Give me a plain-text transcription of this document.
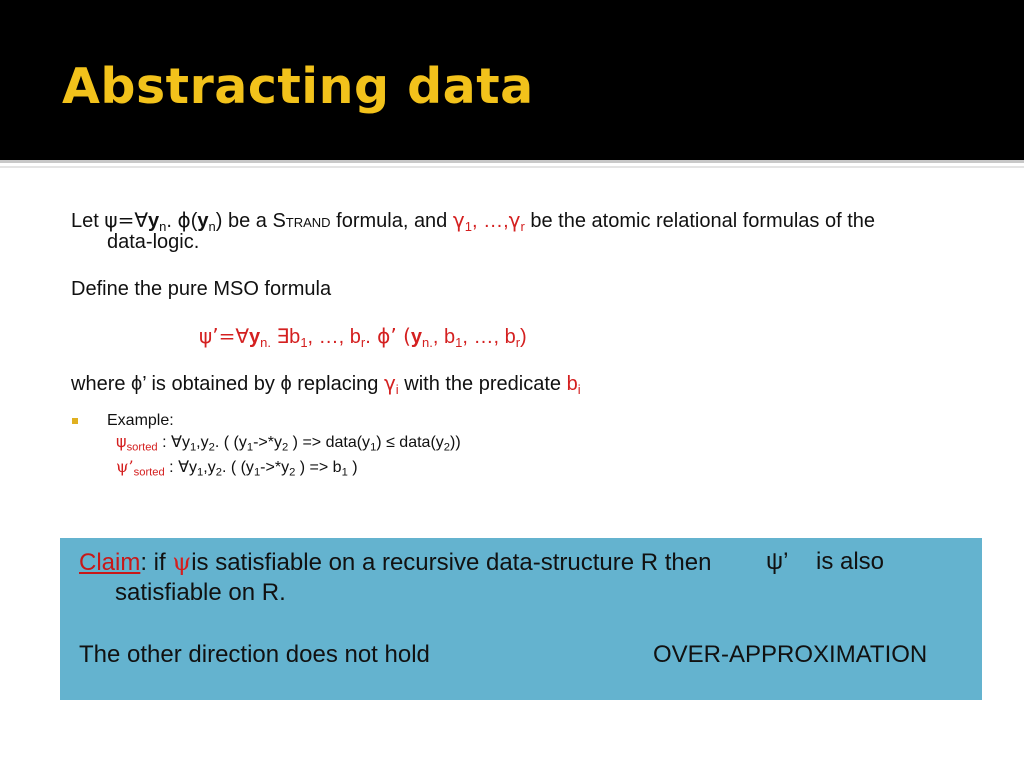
Abstracting data
Let $\psi=\forall y_n$. $\phi(y_n)$ be a STRAND formula, and $\gamma_1$, $\dots,\gamma_r$ be the atomic relational formulas of the
data-logic.
Define the pure MSO formula
$\psi’=\forall y_{n.}$ $\exists b_1$, …, $b_r$. ϕ’ ($y_{n.}$, $b_1$, …, $b_r$)
where ϕ’ is obtained by ϕ replacing $\gamma_i$ with the predicate $b_i$
Example:
$\psi_{sorted}$ : $\forall y_1,y_2$. ( ($y_1->*y_2$ ) => $data(y_1)$ ≤ $data(y_2)$)
$\psi’_{sorted}$ : $\forall y_1,y_2$. ( ($y_1->*y_2$ ) => $b_1$ )
Claim: if ψis satisfiable on a recursive data-structure R then ψ’ is also
satisfiable on R.
The other direction does not hold	OVER-APPROXIMATION
